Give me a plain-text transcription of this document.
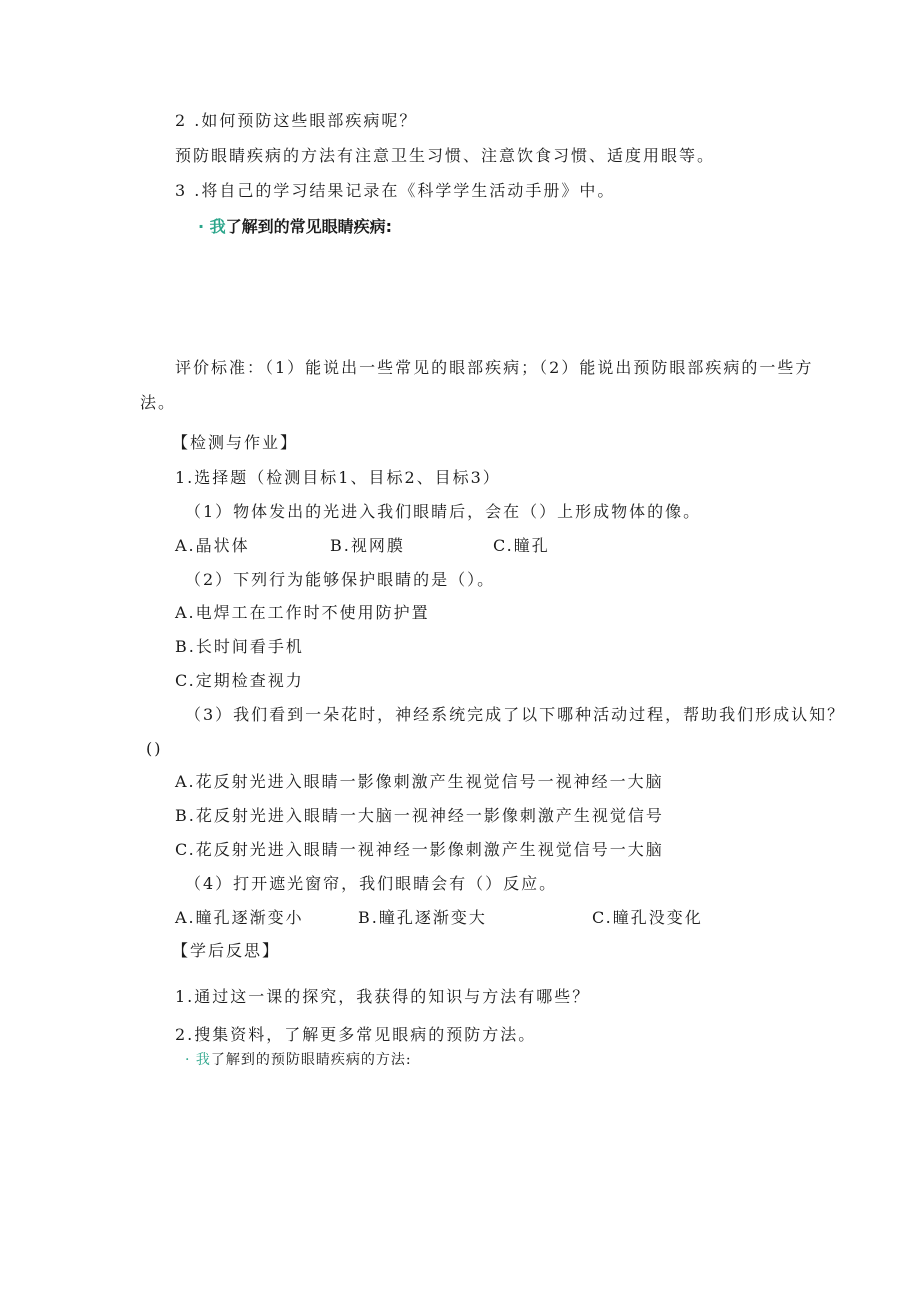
2 .如何预防这些眼部疾病呢？
预防眼睛疾病的方法有注意卫生习惯、注意饮食习惯、适度用眼等。
3 .将自己的学习结果记录在《科学学生活动手册》中。
· 我了解到的常见眼睛疾病:
评价标准：（1）能说出一些常见的眼部疾病；（2）能说出预防眼部疾病的一些方
法。
【检测与作业】
1.选择题（检测目标1、目标2、目标3）
（1）物体发出的光进入我们眼睛后，会在（）上形成物体的像。
A.晶状体	B.视网膜	C.瞳孔
（2）下列行为能够保护眼睛的是（）。
A.电焊工在工作时不使用防护置
B.长时间看手机
C.定期检查视力
（3）我们看到一朵花时，神经系统完成了以下哪种活动过程，帮助我们形成认知？
()
A.花反射光进入眼睛一影像刺激产生视觉信号一视神经一大脑
B.花反射光进入眼睛一大脑一视神经一影像刺激产生视觉信号
C.花反射光进入眼睛一视神经一影像刺激产生视觉信号一大脑
（4）打开遮光窗帘，我们眼睛会有（）反应。
A.瞳孔逐渐变小	B.瞳孔逐渐变大	C.瞳孔没变化
【学后反思】
1.通过这一课的探究，我获得的知识与方法有哪些？
2.搜集资料，了解更多常见眼病的预防方法。
· 我了解到的预防眼睛疾病的方法:
